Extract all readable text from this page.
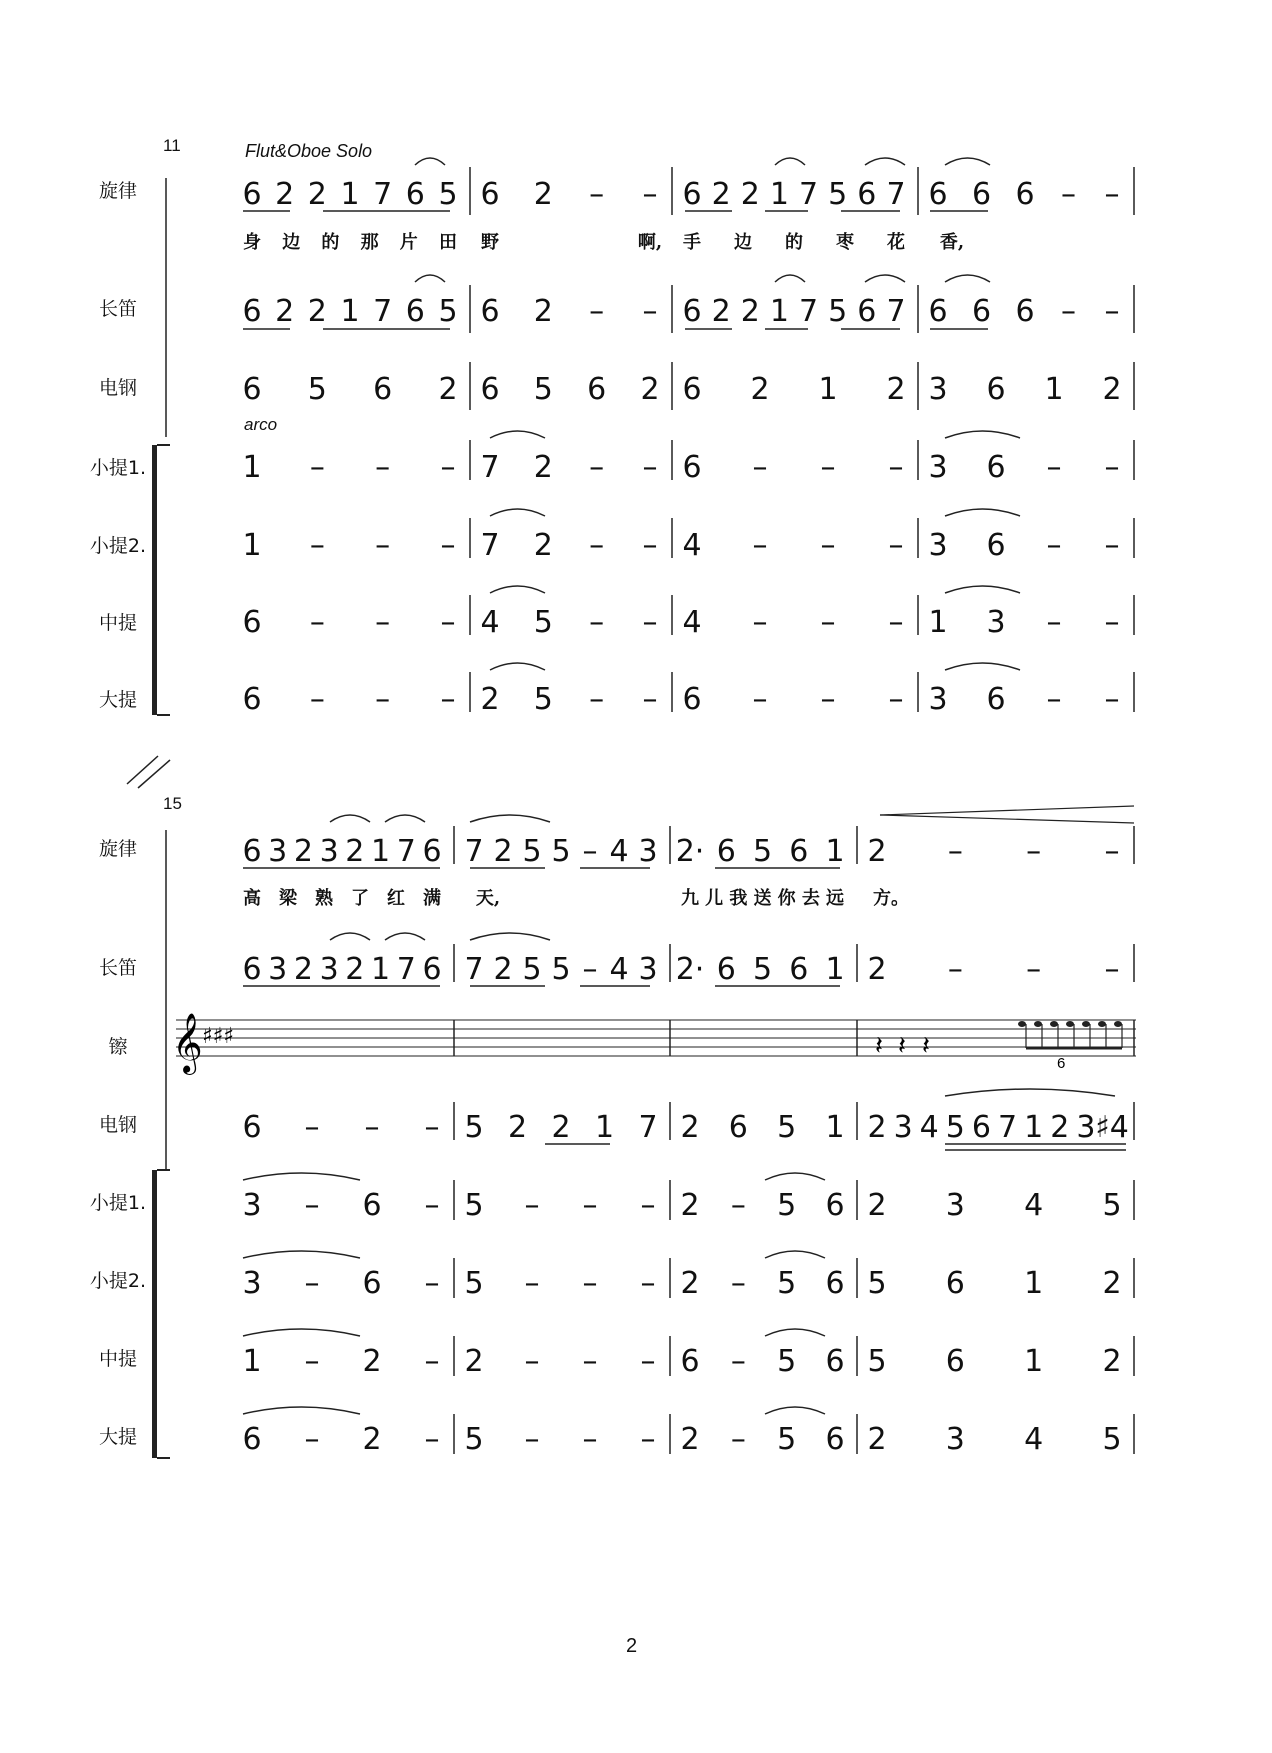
𝄞 ♯♯♯	𝄽 𝄽 𝄽
6
11	Flut&Oboe Solo
旋律
长笛
电钢
小提1.
小提2.
中提
大提
6 2 2 1 7 6 5 6 2 – – 6 2 2 1 7 5 6 7 6 6 6 – –
6 2 2 1 7 6 5 6 2 – – 6 2 2 1 7 5 6 7 6 6 6 – –
6 5 6 2 6 5 6 2 6 2 1 2 3 6 1 2
1 – – – 7 2 – – 6 – – – 3 6 – –
1 – – – 7 2 – – 4 – – – 3 6 – –
6 – – – 4 5 – – 4 – – – 1 3 – –
6 – – – 2 5 – – 6 – – – 3 6 – –
身 边 的 那 片 田 野	啊, 手 边 的 枣 花 香,
arco
15
旋律
长笛
镲
电钢
小提1.
小提2.
中提
大提
6 3 2 3 2 1 7 6 7 2 5 5 – 4 3 2· 6 5 6 1 2 – – –
6 3 2 3 2 1 7 6 7 2 5 5 – 4 3 2· 6 5 6 1 2 – – –
6 – – – 5 2 2 1 7 2 6 5 1 2 3 4 5 6 7 1 2 3 ♯4
3 – 6 – 5 – – – 2 – 5 6 2 3 4 5
3 – 6 – 5 – – – 2 – 5 6 5 6 1 2
1 – 2 – 2 – – – 6 – 5 6 5 6 1 2
6 – 2 – 5 – – – 2 – 5 6 2 3 4 5
高 梁 熟 了 红 满 天,	九 儿 我 送 你 去 远 方。
2
